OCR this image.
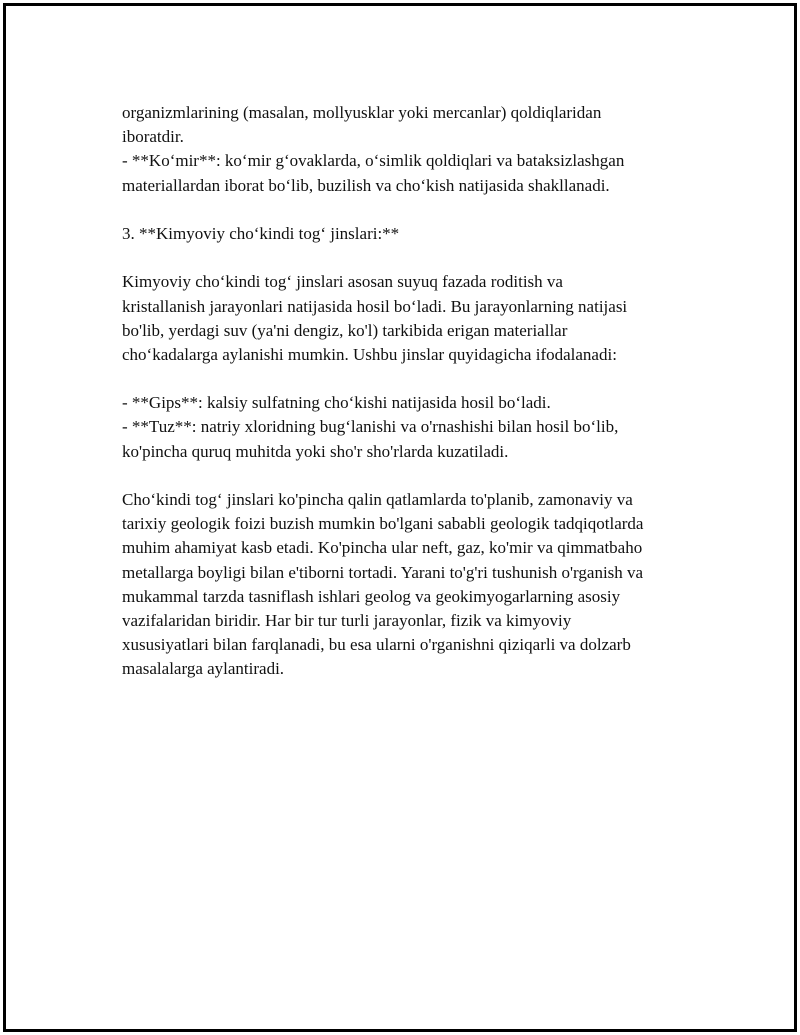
organizmlarining (masalan, mollyusklar yoki mercanlar) qoldiqlaridan
iboratdir.
- **Ko‘mir**: ko‘mir g‘ovaklarda, o‘simlik qoldiqlari va bataksizlashgan
materiallardan iborat bo‘lib, buzilish va cho‘kish natijasida shakllanadi.
3. **Kimyoviy cho‘kindi tog‘ jinslari:**
Kimyoviy cho‘kindi tog‘ jinslari asosan suyuq fazada roditish va
kristallanish jarayonlari natijasida hosil bo‘ladi. Bu jarayonlarning natijasi
bo'lib, yerdagi suv (ya'ni dengiz, ko'l) tarkibida erigan materiallar
cho‘kadalarga aylanishi mumkin. Ushbu jinslar quyidagicha ifodalanadi:
- **Gips**: kalsiy sulfatning cho‘kishi natijasida hosil bo‘ladi.
- **Tuz**: natriy xloridning bug‘lanishi va o'rnashishi bilan hosil bo‘lib,
ko'pincha quruq muhitda yoki sho'r sho'rlarda kuzatiladi.
Cho‘kindi tog‘ jinslari ko'pincha qalin qatlamlarda to'planib, zamonaviy va
tarixiy geologik foizi buzish mumkin bo'lgani sababli geologik tadqiqotlarda
muhim ahamiyat kasb etadi. Ko'pincha ular neft, gaz, ko'mir va qimmatbaho
metallarga boyligi bilan e'tiborni tortadi. Yarani to'g'ri tushunish o'rganish va
mukammal tarzda tasniflash ishlari geolog va geokimyogarlarning asosiy
vazifalaridan biridir. Har bir tur turli jarayonlar, fizik va kimyoviy
xususiyatlari bilan farqlanadi, bu esa ularni o'rganishni qiziqarli va dolzarb
masalalarga aylantiradi.
